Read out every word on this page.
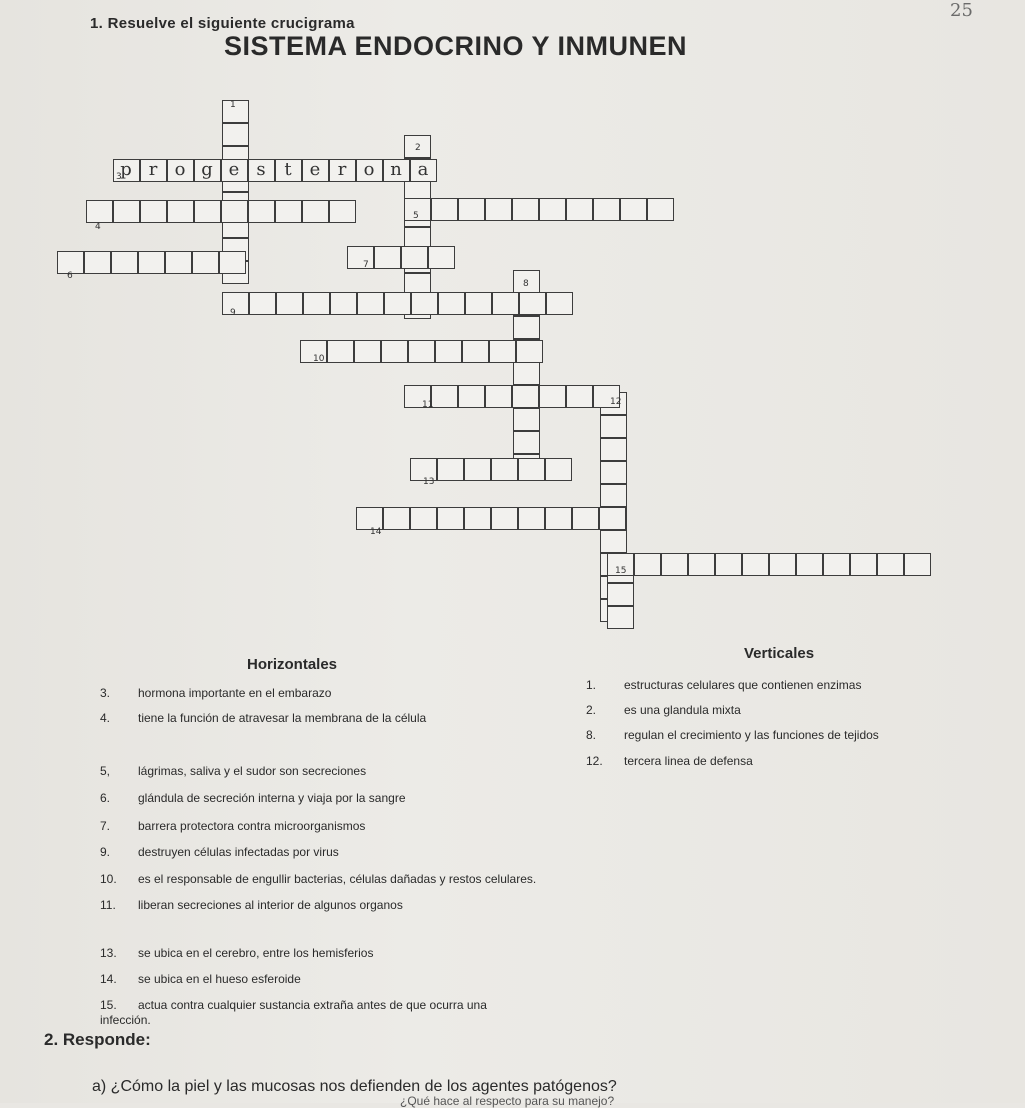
25
1. Resuelve el siguiente crucigrama
SISTEMA ENDOCRINO Y INMUNEN
p r o g e s	t	e r o n a
1
2
3
4
5
6
7
8
9
10
11	12
13
14
15
Horizontales
Verticales
3. hormona importante en el embarazo
4. tiene la función de atravesar la membrana de la célula
5, lágrimas, saliva y el sudor son secreciones
6. glándula de secreción interna y viaja por la sangre
7. barrera protectora contra microorganismos
9. destruyen células infectadas por virus
10. es el responsable de engullir bacterias, células dañadas y restos celulares.
11. liberan secreciones al interior de algunos organos
13. se ubica en el cerebro, entre los hemisferios
14. se ubica en el hueso esferoide
15. actua contra cualquier sustancia extraña antes de que ocurra una infección.
1. estructuras celulares que contienen enzimas
2. es una glandula mixta
8. regulan el crecimiento y las funciones de tejidos
12. tercera linea de defensa
2. Responde:
a) ¿Cómo la piel y las mucosas nos defienden de los agentes patógenos?
¿Qué hace al respecto para su manejo?
